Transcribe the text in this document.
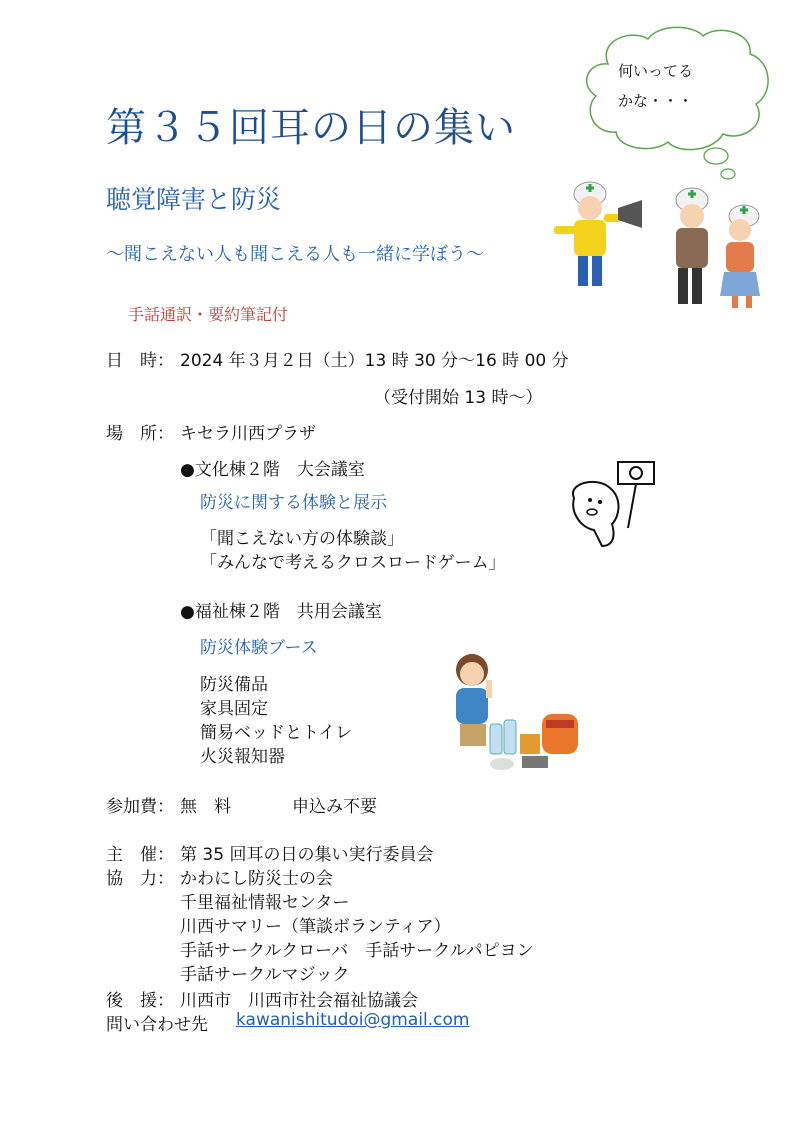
何いってる
かな・・・
第３５回耳の日の集い
聴覚障害と防災
～聞こえない人も聞こえる人も一緒に学ぼう～
手話通訳・要約筆記付
日　時： 2024 年３月２日（土）13 時 30 分～16 時 00 分
（受付開始 13 時～）
場　所： キセラ川西プラザ
●文化棟２階　大会議室
防災に関する体験と展示
「聞こえない方の体験談」
「みんなで考えるクロスロードゲーム」
●福祉棟２階　共用会議室
防災体験ブース
防災備品
家具固定
簡易ベッドとトイレ
火災報知器
参加費： 無　料	申込み不要
主　催： 第 35 回耳の日の集い実行委員会
協　力： かわにし防災士の会
千里福祉情報センター
川西サマリー（筆談ボランティア）
手話サークルクローバ　手話サークルパピヨン
手話サークルマジック
後　援： 川西市　川西市社会福祉協議会
問い合わせ先 kawanishitudoi@gmail.com
